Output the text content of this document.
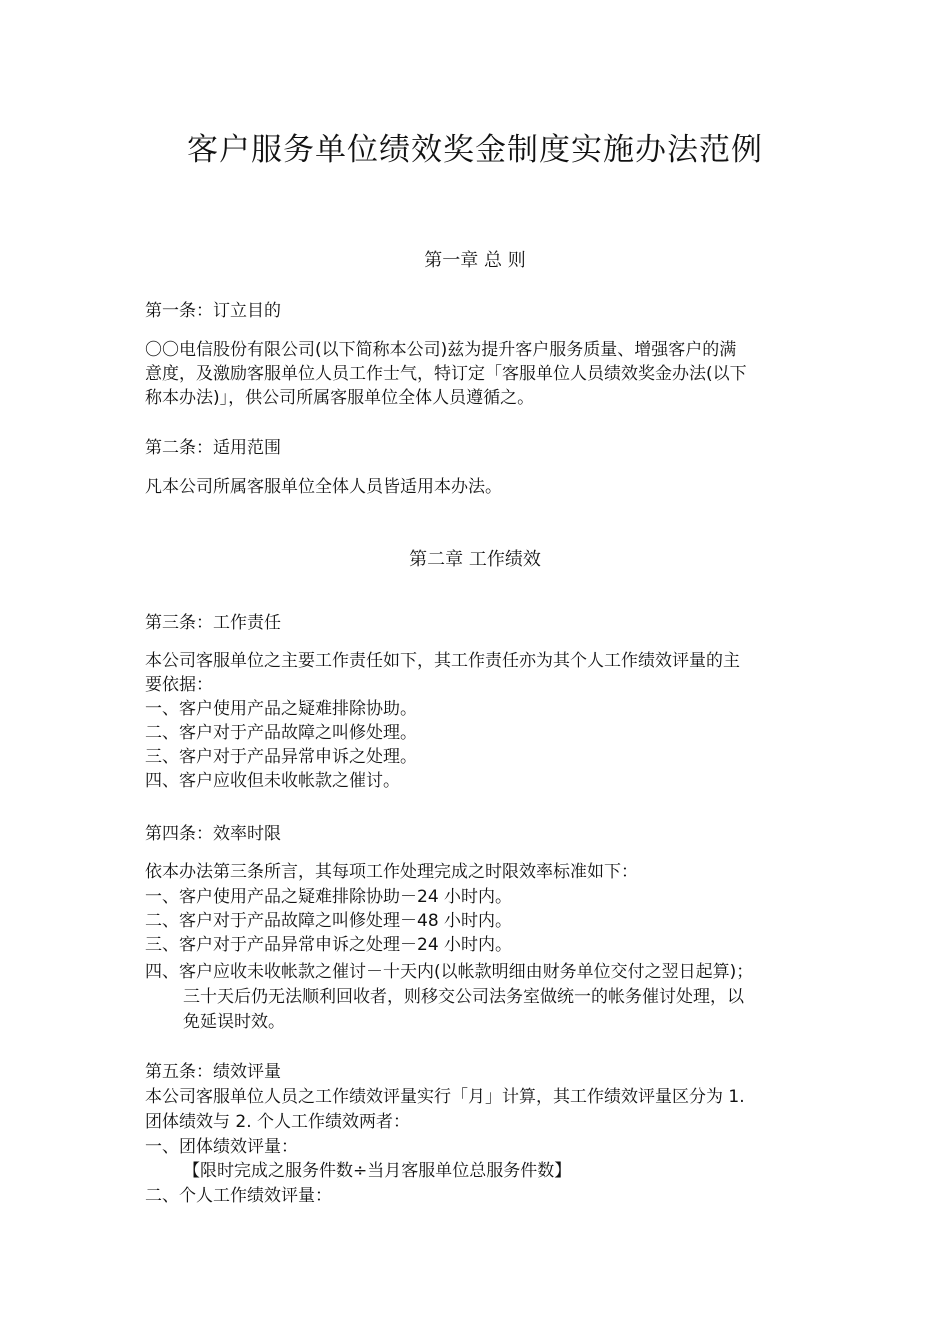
客户服务单位绩效奖金制度实施办法范例
第一章 总 则
第一条：订立目的
〇〇电信股份有限公司(以下简称本公司)兹为提升客户服务质量、增强客户的满
意度，及激励客服单位人员工作士气，特订定「客服单位人员绩效奖金办法(以下
称本办法)」，供公司所属客服单位全体人员遵循之。
第二条：适用范围
凡本公司所属客服单位全体人员皆适用本办法。
第二章 工作绩效
第三条：工作责任
本公司客服单位之主要工作责任如下，其工作责任亦为其个人工作绩效评量的主
要依据：
一、客户使用产品之疑难排除协助。
二、客户对于产品故障之叫修处理。
三、客户对于产品异常申诉之处理。
四、客户应收但未收帐款之催讨。
第四条：效率时限
依本办法第三条所言，其每项工作处理完成之时限效率标准如下：
一、客户使用产品之疑难排除协助－24 小时内。
二、客户对于产品故障之叫修处理－48 小时内。
三、客户对于产品异常申诉之处理－24 小时内。
四、客户应收未收帐款之催讨－十天内(以帐款明细由财务单位交付之翌日起算)；
三十天后仍无法顺利回收者，则移交公司法务室做统一的帐务催讨处理，以
免延误时效。
第五条：绩效评量
本公司客服单位人员之工作绩效评量实行「月」计算，其工作绩效评量区分为 1.
团体绩效与 2. 个人工作绩效两者：
一、团体绩效评量：
【限时完成之服务件数÷当月客服单位总服务件数】
二、个人工作绩效评量：
